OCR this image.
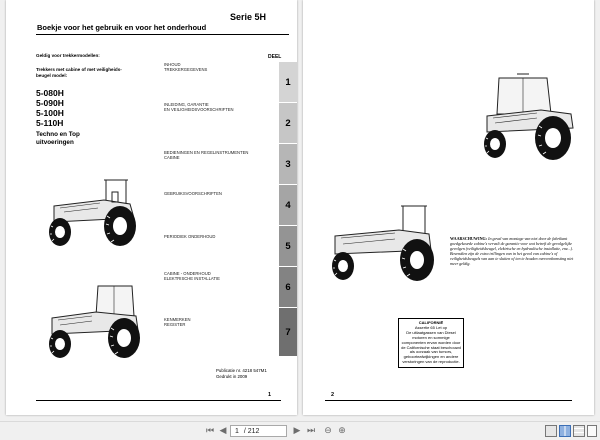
Serie 5H
Boekje voor het gebruik en voor het onderhoud
Geldig voor trekkermodellen:
Trekkers met cabine of met veiligheids-
beugel model:
5-080H
5-090H
5-100H
5-110H
Techno en Top
uitvoeringen
DEEL
INHOUD
TREKKERGEGEVENS
INLEIDING, GARANTIE
EN VEILIGHEIDSVOORSCHRIFTEN
BEDIENINGEN EN REGELINSTRUMENTEN
CABINE
GEBRUIKSVOORSCHRIFTEN
PERIODIEK ONDERHOUD
CABINE - ONDERHOUD
ELEKTRISCHE INSTALLATIE
KENMERKEN
REGISTER
1
2
3
4
5
6
7
Publicatie nr. 4218 547M1
Gedrukt in 2009
1
WAARSCHUWING: In geval van montage van niet door de fabrikant goedgekeurde cabine's vervalt de garantie voor wat betreft de gevolgelijke gevolgen (veiligheidsbeugel, elektrische en hydraulische installatie, enz...). Bovendien zijn de extra trillingen van in het geval van cabine's of veiligheidsbeugels van aan te sluiten of ten te houden overeenkomsting niet meer geldig.
CALIFORNIË
Assertie 65 Let op
De uitlaatgassen van Diesel motoren en sommige componenten ervan worden door de Californische staat beschouwd als oorzaak van tumors, geboorteafwijkingen en andere verstoringen van de reproductie.
2
⏮ ◀	1 / 212	▶ ⏭ ⊖ ⊕
